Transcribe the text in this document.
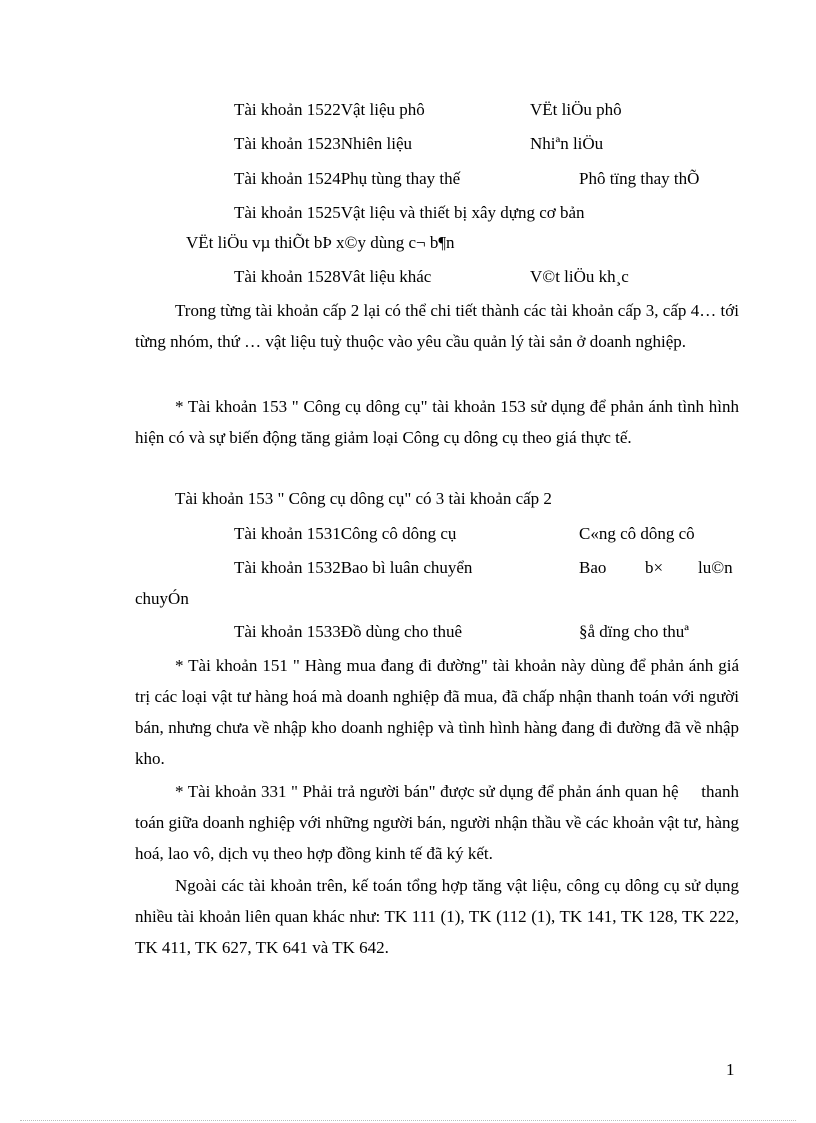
Tài khoản 1522Vật liệu phô	VËt liÖu phô
Tài khoản 1523Nhiên liệu	Nhiªn liÖu
Tài khoản 1524Phụ tùng thay thế	Phô tïng thay thÕ
Tài khoản 1525Vật liệu và thiết bị xây dựng cơ bản
VËt liÖu vµ thiÕt bÞ x©y dùng c¬ b¶n
Tài khoản 1528Vât liệu khác	V©t liÖu kh¸c
Trong từng tài khoản cấp 2 lại có thể chi tiết thành các tài khoản cấp 3, cấp 4… tới từng nhóm, thứ … vật liệu tuỳ thuộc vào yêu cầu quản lý tài sản ở doanh nghiệp.
* Tài khoản 153 " Công cụ dông cụ" tài khoản 153 sử dụng để phản ánh tình hình hiện có và sự biến động tăng giảm loại Công cụ dông cụ theo giá thực tế.
Tài khoản 153 " Công cụ dông cụ" có 3 tài khoản cấp 2
Tài khoản 1531Công cô dông cụ	C«ng cô dông cô
Tài khoản 1532Bao bì luân chuyển	Bao b× lu©n
chuyÓn
Tài khoản 1533Đồ dùng cho thuê	§å dïng cho thuª
* Tài khoản 151 " Hàng mua đang đi đường" tài khoản này dùng để phản ánh giá trị các loại vật tư hàng hoá mà doanh nghiệp đã mua, đã chấp nhận thanh toán với người bán, nhưng chưa về nhập kho doanh nghiệp và tình hình hàng đang đi đường đã về nhập kho.
* Tài khoản 331 " Phải trả người bán" được sử dụng để phản ánh quan hệ     thanh toán giữa doanh nghiệp với những người bán, người nhận thầu về các khoản vật tư, hàng hoá, lao vô, dịch vụ theo hợp đồng kinh tế đã ký kết.
Ngoài các tài khoản trên, kế toán tổng hợp tăng vật liệu, công cụ dông cụ sử dụng nhiều tài khoản liên quan khác như: TK 111 (1), TK (112 (1), TK 141, TK 128, TK 222, TK 411, TK 627, TK 641 và TK 642.
1
